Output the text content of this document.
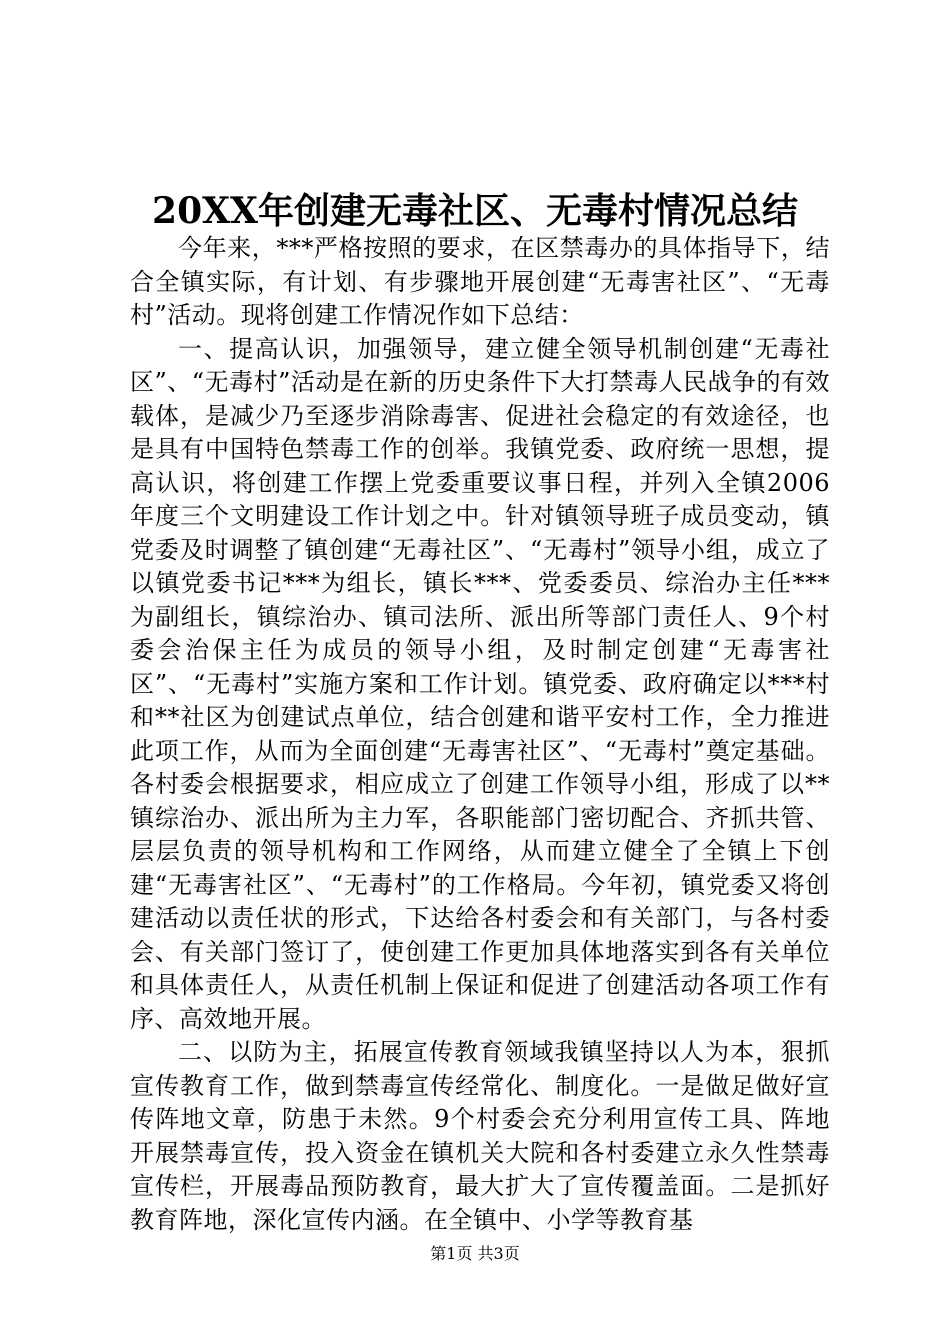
20XX年创建无毒社区、无毒村情况总结

今年来，***严格按照的要求，在区禁毒办的具体指导下，结合全镇实际，有计划、有步骤地开展创建“无毒害社区”、“无毒村”活动。现将创建工作情况作如下总结：

一、提高认识，加强领导，建立健全领导机制创建“无毒社区”、“无毒村”活动是在新的历史条件下大打禁毒人民战争的有效载体，是减少乃至逐步消除毒害、促进社会稳定的有效途径，也是具有中国特色禁毒工作的创举。我镇党委、政府统一思想，提高认识，将创建工作摆上党委重要议事日程，并列入全镇2006年度三个文明建设工作计划之中。针对镇领导班子成员变动，镇党委及时调整了镇创建“无毒社区”、“无毒村”领导小组，成立了以镇党委书记***为组长，镇长***、党委委员、综治办主任***为副组长，镇综治办、镇司法所、派出所等部门责任人、9个村委会治保主任为成员的领导小组，及时制定创建“无毒害社区”、“无毒村”实施方案和工作计划。镇党委、政府确定以***村和**社区为创建试点单位，结合创建和谐平安村工作，全力推进此项工作，从而为全面创建“无毒害社区”、“无毒村”奠定基础。各村委会根据要求，相应成立了创建工作领导小组，形成了以**镇综治办、派出所为主力军，各职能部门密切配合、齐抓共管、层层负责的领导机构和工作网络，从而建立健全了全镇上下创建“无毒害社区”、“无毒村”的工作格局。今年初，镇党委又将创建活动以责任状的形式，下达给各村委会和有关部门，与各村委会、有关部门签订了，使创建工作更加具体地落实到各有关单位和具体责任人，从责任机制上保证和促进了创建活动各项工作有序、高效地开展。

二、以防为主，拓展宣传教育领域我镇坚持以人为本，狠抓宣传教育工作，做到禁毒宣传经常化、制度化。一是做足做好宣传阵地文章，防患于未然。9个村委会充分利用宣传工具、阵地开展禁毒宣传，投入资金在镇机关大院和各村委建立永久性禁毒宣传栏，开展毒品预防教育，最大扩大了宣传覆盖面。二是抓好教育阵地，深化宣传内涵。在全镇中、小学等教育基

第1页 共3页
